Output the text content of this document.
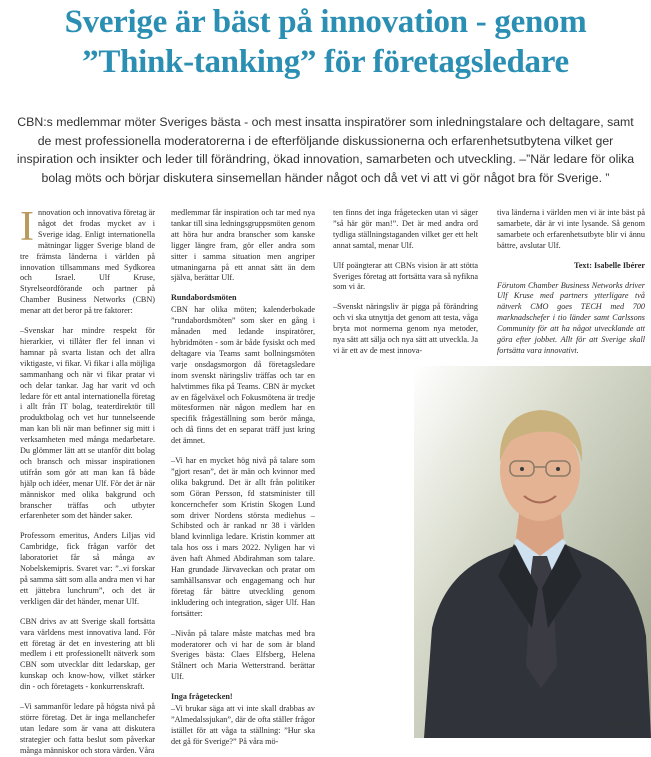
Sverige är bäst på innovation - genom
”Think-tanking” för företagsledare
CBN:s medlemmar möter Sveriges bästa - och mest insatta inspiratörer som inledningstalare och deltagare, samt de mest professionella moderatorerna i de efterföljande diskussionerna och erfarenhetsutbytena vilket ger inspiration och insikter och leder till förändring, ökad innovation, samarbeten och utveckling. –”När ledare för olika bolag möts och börjar diskutera sinsemellan händer något och då vet vi att vi gör något bra för Sverige. ”

Innovation och innovativa företag är något det frodas mycket av i Sverige idag. Enligt internationella mätningar ligger Sverige bland de tre främsta länderna i världen på innovation tillsammans med Sydkorea och Israel. Ulf Kruse, Styrelseordförande och partner på Chamber Business Networks (CBN) menar att det beror på tre faktorer:

–Svenskar har mindre respekt för hierarkier, vi tillåter fler fel innan vi hamnar på svarta listan och det allra viktigaste, vi fikar. Vi fikar i alla möjliga sammanhang och när vi fikar pratar vi och delar tankar. Jag har varit vd och ledare för ett antal internationella företag i allt från IT bolag, teaterdirektör till produktbolag och vet hur tunnelseende man kan bli när man befinner sig mitt i verksamheten med många medarbetare. Du glömmer lätt att se utanför ditt bolag och bransch och missar inspirationen utifrån som gör att man kan få både hjälp och idéer, menar Ulf. För det är när människor med olika bakgrund och branscher träffas och utbyter erfarenheter som det händer saker.

Professorn emeritus, Anders Liljas vid Cambridge, fick frågan varför det laboratoriet får så många av Nobelskemipris. Svaret var: ”..vi forskar på samma sätt som alla andra men vi har ett jättebra lunchrum”, och det är verkligen där det händer, menar Ulf.

CBN drivs av att Sverige skall fortsätta vara världens mest innovativa land. För ett företag är det en investering att bli medlem i ett professionellt nätverk som CBN som utvecklar ditt ledarskap, ger kunskap och know-how, vilket stärker din - och företagets - konkurrenskraft.

–Vi sammanför ledare på högsta nivå på större företag. Det är inga mellanchefer utan ledare som är vana att diskutera strategier och fatta beslut som påverkar många människor och stora värden. Våra

medlemmar får inspiration och tar med nya tankar till sina ledningsgruppsmöten genom att höra hur andra branscher som kanske ligger längre fram, gör eller andra som sitter i samma situation men angriper utmaningarna på ett annat sätt än dem själva, berättar Ulf.

Rundabordsmöten

CBN har olika möten; kalenderbokade ”rundabordsmöten” som sker en gång i månaden med ledande inspiratörer, hybridmöten - som är både fysiskt och med deltagare via Teams samt bollningsmöten varje onsdagsmorgon då företagsledare inom svenskt näringsliv träffas och tar en halvtimmes fika på Teams. CBN är mycket av en fågelväxel och Fokusmötena är tredje mötesformen när någon medlem har en specifik frågeställning som berör många, och då finns det en separat träff just kring det ämnet.

–Vi har en mycket hög nivå på talare som ”gjort resan”, det är män och kvinnor med olika bakgrund. Det är allt från politiker som Göran Persson, fd statsminister till koncernchefer som Kristin Skogen Lund som driver Nordens största mediehus – Schibsted och är rankad nr 38 i världen bland kvinnliga ledare. Kristin kommer att tala hos oss i mars 2022. Nyligen har vi även haft Ahmed Abdirahman som talare. Han grundade Järvaveckan och pratar om samhällsansvar och engagemang och hur företag får bättre utveckling genom inkludering och integration, säger Ulf. Han fortsätter:

–Nivån på talare måste matchas med bra moderatorer och vi har de som är bland Sveriges bästa: Claes Elfsberg, Helena Stålnert och Maria Wetterstrand. berättar Ulf.

Inga frågetecken!

–Vi brukar säga att vi inte skall drabbas av ”Almedalssjukan”, där de ofta ställer frågor istället för att våga ta ställning: ”Hur ska det gå för Sverige?” På våra mö-

ten finns det inga frågetecken utan vi säger ”så här gör man!”. Det är med andra ord tydliga ställningstaganden vilket ger ett helt annat samtal, menar Ulf.

Ulf poängterar att CBNs vision är att stötta Sveriges företag att fortsätta vara så nyfikna som vi är.

–Svenskt näringsliv är pigga på förändring och vi ska utnyttja det genom att testa, våga bryta mot normerna genom nya metoder, nya sätt att sälja och nya sätt att utveckla. Ja vi är ett av de mest innova-

tiva länderna i världen men vi är inte bäst på samarbete, där är vi inte lysande. Så genom samarbete och erfarenhetsutbyte blir vi ännu bättre, avslutar Ulf.

Text: Isabelle Ibérer

Förutom Chamber Business Networks driver Ulf Kruse med partners ytterligare två nätverk CMO goes TECH med 700 marknadschefer i tio länder samt Carlssons Community för att ha något utvecklande att göra efter jobbet. Allt för att Sverige skall fortsätta vara innovativt.

Ulf Kruse
